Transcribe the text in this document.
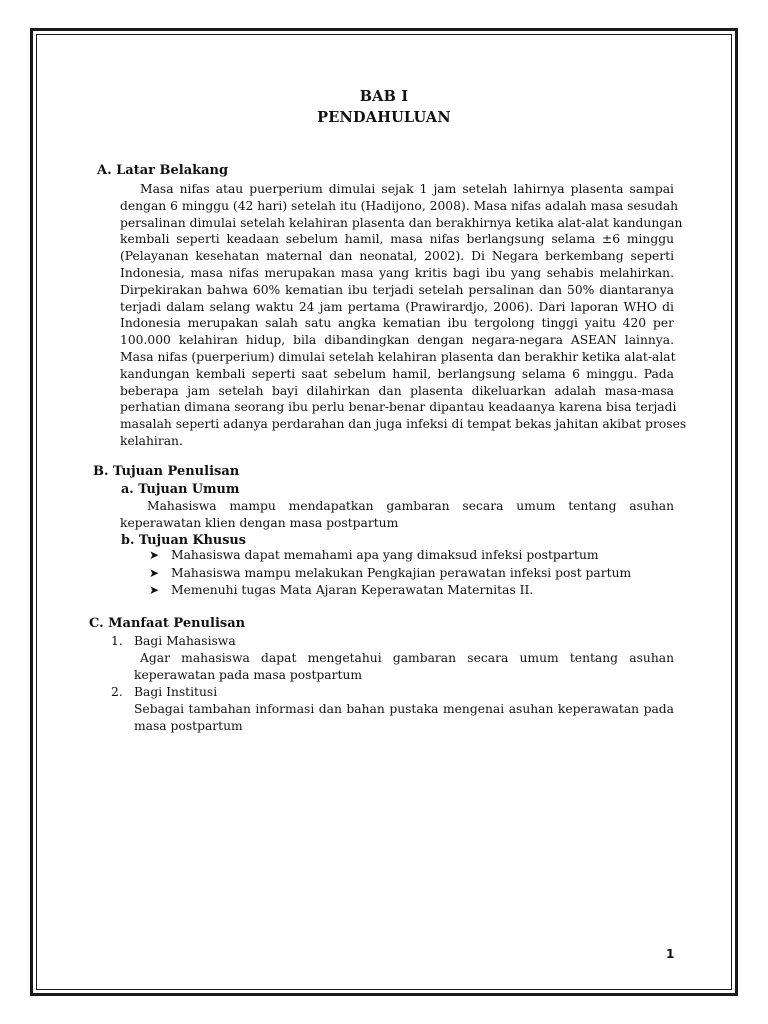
BAB I
PENDAHULUAN
A. Latar Belakang
Masa nifas atau puerperium dimulai sejak 1 jam setelah lahirnya plasenta sampai
dengan 6 minggu (42 hari) setelah itu (Hadijono, 2008). Masa nifas adalah masa sesudah
persalinan dimulai setelah kelahiran plasenta dan berakhirnya ketika alat-alat kandungan
kembali seperti keadaan sebelum hamil, masa nifas berlangsung selama ±6 minggu
(Pelayanan kesehatan maternal dan neonatal, 2002). Di Negara berkembang seperti
Indonesia, masa nifas merupakan masa yang kritis bagi ibu yang sehabis melahirkan.
Dirpekirakan bahwa 60% kematian ibu terjadi setelah persalinan dan 50% diantaranya
terjadi dalam selang waktu 24 jam pertama (Prawirardjo, 2006). Dari laporan WHO di
Indonesia merupakan salah satu angka kematian ibu tergolong tinggi yaitu 420 per
100.000 kelahiran hidup, bila dibandingkan dengan negara-negara ASEAN lainnya.
Masa nifas (puerperium) dimulai setelah kelahiran plasenta dan berakhir ketika alat-alat
kandungan kembali seperti saat sebelum hamil, berlangsung selama 6 minggu. Pada
beberapa jam setelah bayi dilahirkan dan plasenta dikeluarkan adalah masa-masa
perhatian dimana seorang ibu perlu benar-benar dipantau keadaanya karena bisa terjadi
masalah seperti adanya perdarahan dan juga infeksi di tempat bekas jahitan akibat proses
kelahiran.
B. Tujuan Penulisan
a. Tujuan Umum
Mahasiswa mampu mendapatkan gambaran secara umum tentang asuhan
keperawatan klien dengan masa postpartum
b. Tujuan Khusus
➤ Mahasiswa dapat memahami apa yang dimaksud infeksi postpartum
➤ Mahasiswa mampu melakukan Pengkajian perawatan infeksi post partum
➤ Memenuhi tugas Mata Ajaran Keperawatan Maternitas II.
C. Manfaat Penulisan
1. Bagi Mahasiswa
Agar mahasiswa dapat mengetahui gambaran secara umum tentang asuhan
keperawatan pada masa postpartum
2. Bagi Institusi
Sebagai tambahan informasi dan bahan pustaka mengenai asuhan keperawatan pada
masa postpartum
1
